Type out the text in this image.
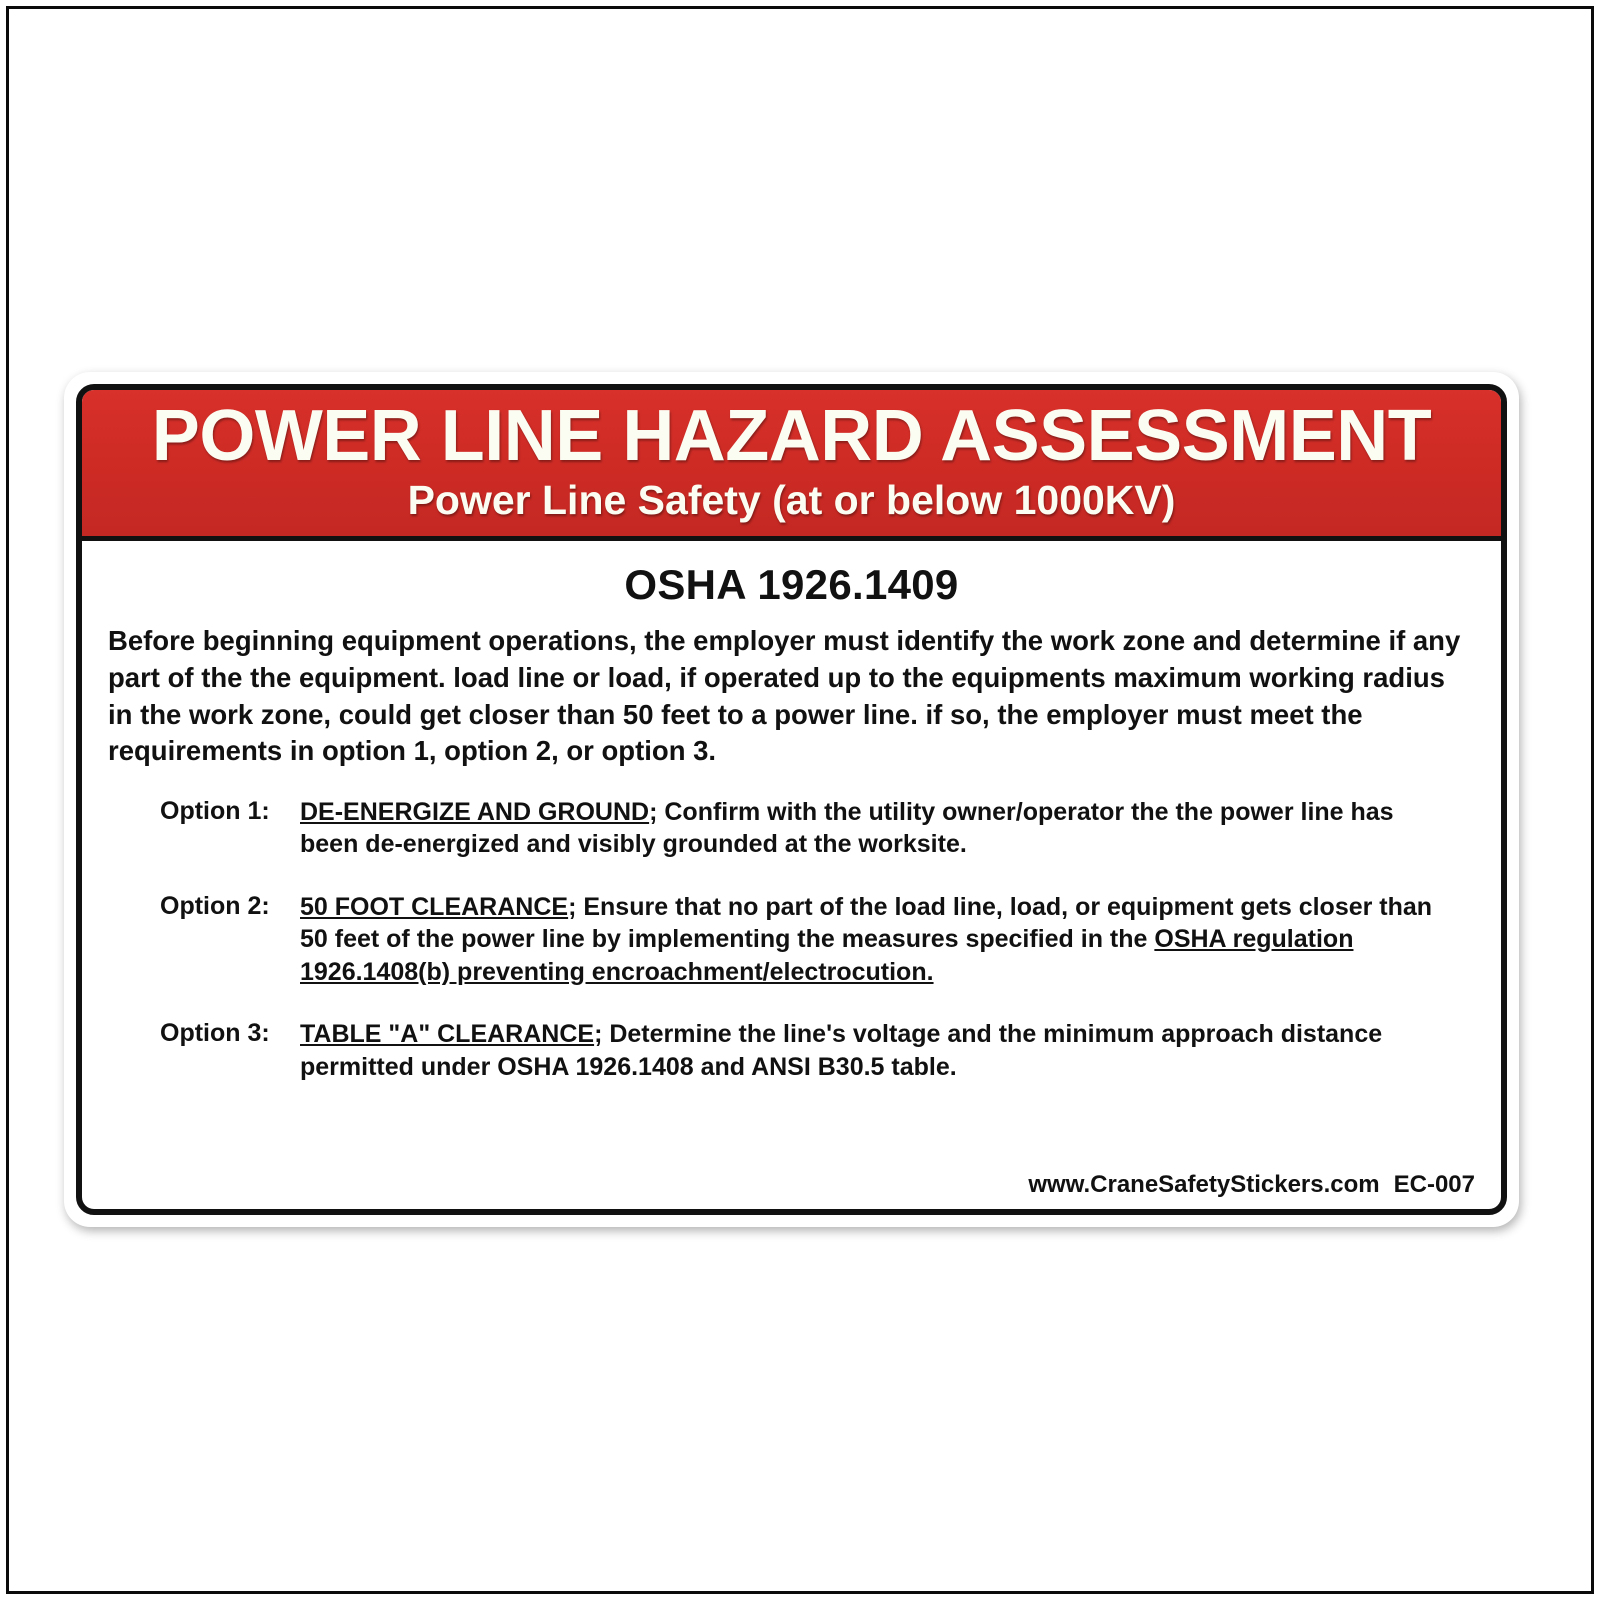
POWER LINE HAZARD ASSESSMENT
Power Line Safety (at or below 1000KV)
OSHA 1926.1409

Before beginning equipment operations, the employer must identify the work zone and determine if any part of the the equipment. load line or load, if operated up to the equipments maximum working radius in the work zone, could get closer than 50 feet to a power line. if so, the employer must meet the requirements in option 1, option 2, or option 3.

Option 1:	DE-ENERGIZE AND GROUND; Confirm with the utility owner/operator the the power line has been de-energized and visibly grounded at the worksite.
Option 2:	50 FOOT CLEARANCE; Ensure that no part of the load line, load, or equipment gets closer than 50 feet of the power line by implementing the measures specified in the OSHA regulation 1926.1408(b) preventing encroachment/electrocution.
Option 3:	TABLE "A" CLEARANCE; Determine the line's voltage and the minimum approach distance permitted under OSHA 1926.1408 and ANSI B30.5 table.
www.CraneSafetyStickers.com EC-007
